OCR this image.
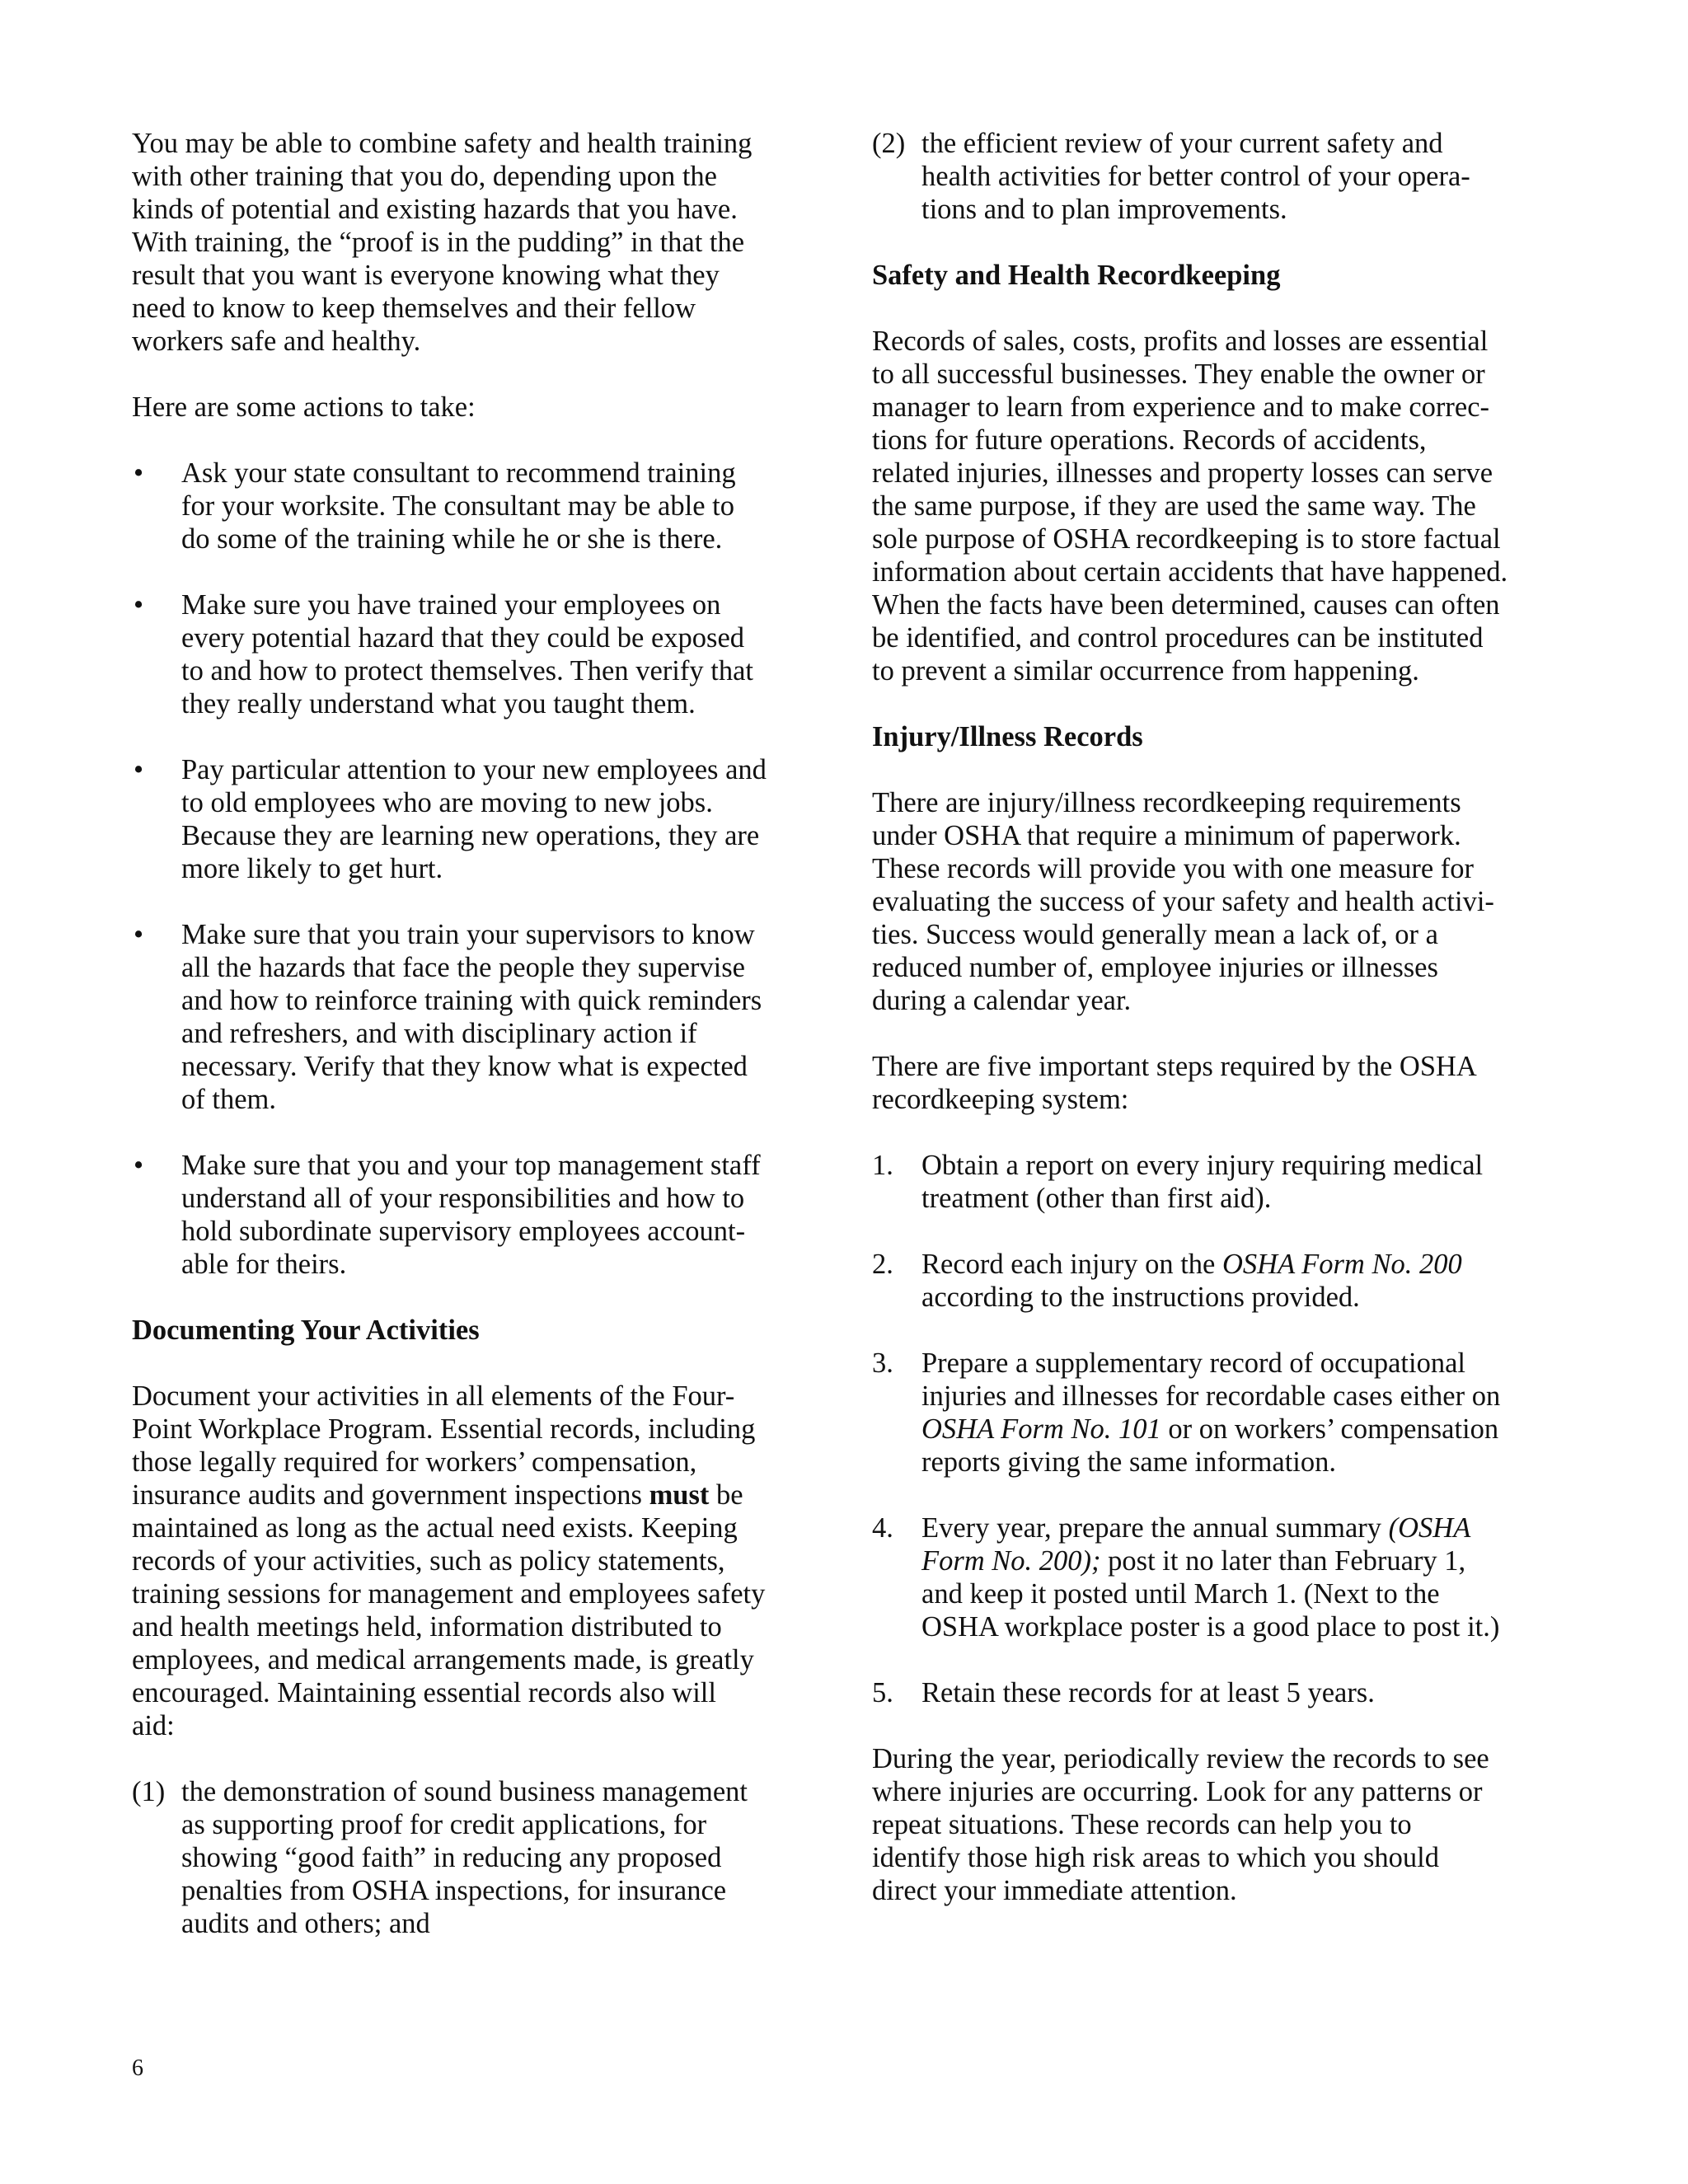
You may be able to combine safety and health training
with other training that you do, depending upon the
kinds of potential and existing hazards that you have.
With training, the “proof is in the pudding” in that the
result that you want is everyone knowing what they
need to know to keep themselves and their fellow
workers safe and healthy.

Here are some actions to take:

• Ask your state consultant to recommend training
for your worksite. The consultant may be able to
do some of the training while he or she is there.
• Make sure you have trained your employees on
every potential hazard that they could be exposed
to and how to protect themselves. Then verify that
they really understand what you taught them.
• Pay particular attention to your new employees and
to old employees who are moving to new jobs.
Because they are learning new operations, they are
more likely to get hurt.
• Make sure that you train your supervisors to know
all the hazards that face the people they supervise
and how to reinforce training with quick reminders
and refreshers, and with disciplinary action if
necessary. Verify that they know what is expected
of them.
• Make sure that you and your top management staff
understand all of your responsibilities and how to
hold subordinate supervisory employees account-
able for theirs.
Documenting Your Activities

Document your activities in all elements of the Four-
Point Workplace Program. Essential records, including
those legally required for workers’ compensation,
insurance audits and government inspections must be
maintained as long as the actual need exists. Keeping
records of your activities, such as policy statements,
training sessions for management and employees safety
and health meetings held, information distributed to
employees, and medical arrangements made, is greatly
encouraged. Maintaining essential records also will
aid:

(1) the demonstration of sound business management
as supporting proof for credit applications, for
showing “good faith” in reducing any proposed
penalties from OSHA inspections, for insurance
audits and others; and
(2) the efficient review of your current safety and
health activities for better control of your opera-
tions and to plan improvements.
Safety and Health Recordkeeping

Records of sales, costs, profits and losses are essential
to all successful businesses. They enable the owner or
manager to learn from experience and to make correc-
tions for future operations. Records of accidents,
related injuries, illnesses and property losses can serve
the same purpose, if they are used the same way. The
sole purpose of OSHA recordkeeping is to store factual
information about certain accidents that have happened.
When the facts have been determined, causes can often
be identified, and control procedures can be instituted
to prevent a similar occurrence from happening.

Injury/Illness Records

There are injury/illness recordkeeping requirements
under OSHA that require a minimum of paperwork.
These records will provide you with one measure for
evaluating the success of your safety and health activi-
ties. Success would generally mean a lack of, or a
reduced number of, employee injuries or illnesses
during a calendar year.

There are five important steps required by the OSHA
recordkeeping system:

1. Obtain a report on every injury requiring medical
treatment (other than first aid).
2. Record each injury on the OSHA Form No. 200
according to the instructions provided.
3. Prepare a supplementary record of occupational
injuries and illnesses for recordable cases either on
OSHA Form No. 101 or on workers’ compensation
reports giving the same information.
4. Every year, prepare the annual summary (OSHA
Form No. 200); post it no later than February 1,
and keep it posted until March 1. (Next to the
OSHA workplace poster is a good place to post it.)
5. Retain these records for at least 5 years.

During the year, periodically review the records to see
where injuries are occurring. Look for any patterns or
repeat situations. These records can help you to
identify those high risk areas to which you should
direct your immediate attention.

6
